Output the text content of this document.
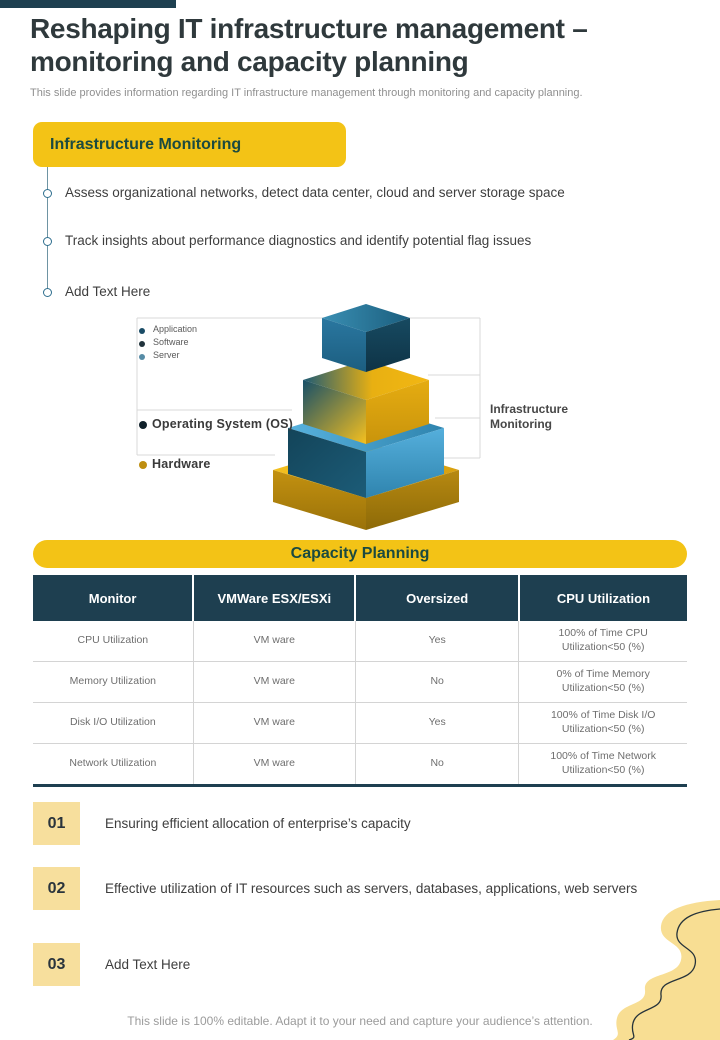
Reshaping IT infrastructure management –
monitoring and capacity planning
This slide provides information regarding IT infrastructure management through monitoring and capacity planning.
Infrastructure Monitoring
Assess organizational networks, detect data center, cloud and server storage space
Track insights about performance diagnostics and identify potential flag issues
Add Text Here
Application
Software
Server
Operating System (OS)
Hardware
Infrastructure
Monitoring
Capacity Planning
Monitor	VMWare ESX/ESXi	Oversized	CPU Utilization
CPU Utilization	VM ware	Yes	100% of Time CPU Utilization<50 (%)
Memory Utilization	VM ware	No	0% of Time Memory Utilization<50 (%)
Disk I/O Utilization	VM ware	Yes	100% of Time Disk I/O Utilization<50 (%)
Network Utilization	VM ware	No	100% of Time Network Utilization<50 (%)
01	Ensuring efficient allocation of enterprise’s capacity
02	Effective utilization of IT resources such as servers, databases, applications, web servers
03	Add Text Here
This slide is 100% editable. Adapt it to your need and capture your audience’s attention.
